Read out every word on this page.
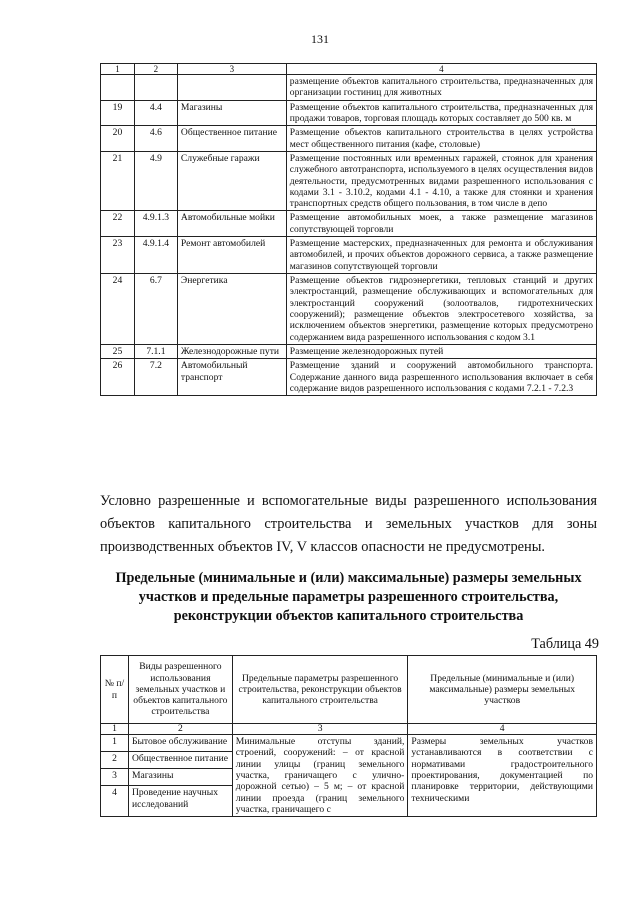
131
1	2	3	4
			размещение объектов капитального строительства, предназначенных для организации гостиниц для животных
19	4.4	Магазины	Размещение объектов капитального строительства, предназначенных для продажи товаров, торговая площадь которых составляет до 500 кв. м
20	4.6	Общественное питание	Размещение объектов капитального строительства в целях устройства мест общественного питания (кафе, столовые)
21	4.9	Служебные гаражи	Размещение постоянных или временных гаражей, стоянок для хранения служебного автотранспорта, используемого в целях осуществления видов деятельности, предусмотренных видами разрешенного использования с кодами 3.1 - 3.10.2, кодами 4.1 - 4.10, а также для стоянки и хранения транспортных средств общего пользования, в том числе в депо
22	4.9.1.3	Автомобильные мойки	Размещение автомобильных моек, а также размещение магазинов сопутствующей торговли
23	4.9.1.4	Ремонт автомобилей	Размещение мастерских, предназначенных для ремонта и обслуживания автомобилей, и прочих объектов дорожного сервиса, а также размещение магазинов сопутствующей торговли
24	6.7	Энергетика	Размещение объектов гидроэнергетики, тепловых станций и других электростанций, размещение обслуживающих и вспомогательных для электростанций сооружений (золоотвалов, гидротехнических сооружений); размещение объектов электросетевого хозяйства, за исключением объектов энергетики, размещение которых предусмотрено содержанием вида разрешенного использования с кодом 3.1
25	7.1.1	Железнодорожные пути	Размещение железнодорожных путей
26	7.2	Автомобильный транспорт	Размещение зданий и сооружений автомобильного транспорта. Содержание данного вида разрешенного использования включает в себя содержание видов разрешенного использования с кодами 7.2.1 - 7.2.3
Условно разрешенные и вспомогательные виды разрешенного использования объектов капитального строительства и земельных участков для зоны производственных объектов IV, V классов опасности не предусмотрены.
Предельные (минимальные и (или) максимальные) размеры земельных участков и предельные параметры разрешенного строительства, реконструкции объектов капитального строительства
Таблица 49
№ п/п	Виды разрешенного использования земельных участков и объектов капитального строительства	Предельные параметры разрешенного строительства, реконструкции объектов капитального строительства	Предельные (минимальные и (или) максимальные) размеры земельных участков
1	2	3	4
1	Бытовое обслуживание	Минимальные отступы зданий, строений, сооружений: – от красной линии улицы (границ земельного участка, граничащего с улично-дорожной сетью) – 5 м; – от красной линии проезда (границ земельного участка, граничащего с	Размеры земельных участков устанавливаются в соответствии с нормативами градостроительного проектирования, документацией по планировке территории, действующими техническими
2	Общественное питание		
3	Магазины		
4	Проведение научных исследований		
